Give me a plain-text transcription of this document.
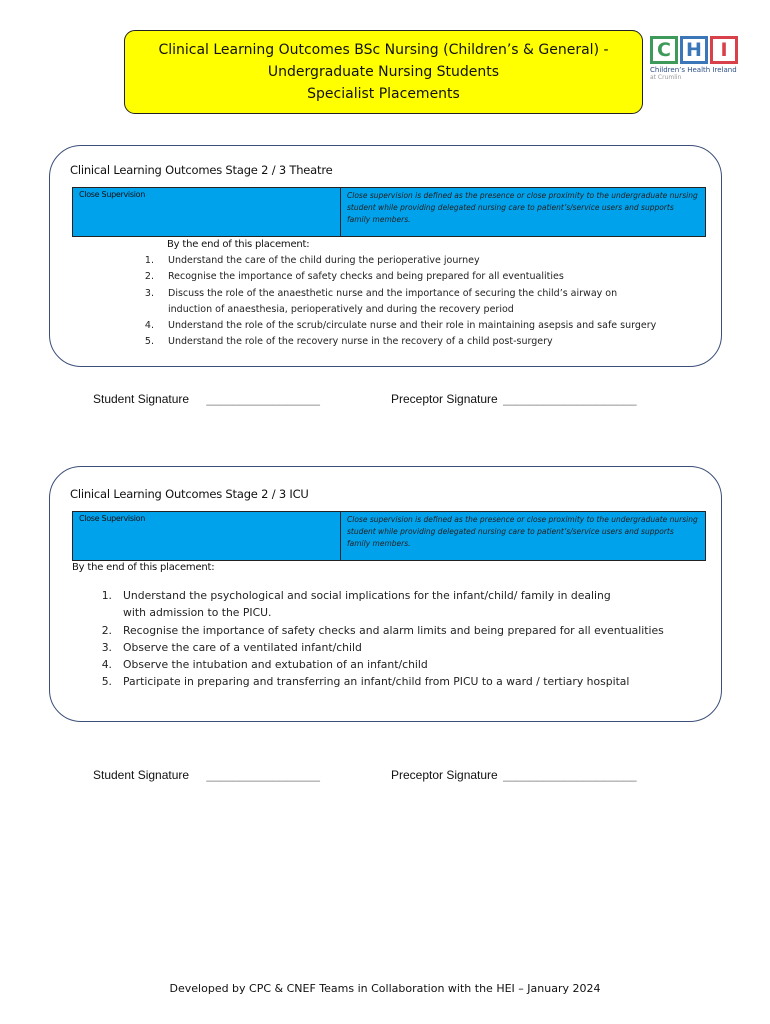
Clinical Learning Outcomes BSc Nursing (Children’s & General) -
Undergraduate Nursing Students
Specialist Placements
C H I
Children’s Health Ireland
at Crumlin
Clinical Learning Outcomes Stage 2 / 3 Theatre
Close Supervision	Close supervision is defined as the presence or close proximity to the undergraduate nursing student while providing delegated nursing care to patient’s/service users and supports family members.
By the end of this placement:
1. Understand the care of the child during the perioperative journey
2. Recognise the importance of safety checks and being prepared for all eventualities
3. Discuss the role of the anaesthetic nurse and the importance of securing the child’s airway on
induction of anaesthesia, perioperatively and during the recovery period
4. Understand the role of the scrub/circulate nurse and their role in maintaining asepsis and safe surgery
5. Understand the role of the recovery nurse in the recovery of a child post-surgery
Student Signature _________________	Preceptor Signature ____________________
Clinical Learning Outcomes Stage 2 / 3 ICU
Close Supervision	Close supervision is defined as the presence or close proximity to the undergraduate nursing student while providing delegated nursing care to patient’s/service users and supports family members.
By the end of this placement:
1. Understand the psychological and social implications for the infant/child/ family in dealing
with admission to the PICU.
2. Recognise the importance of safety checks and alarm limits and being prepared for all eventualities
3. Observe the care of a ventilated infant/child
4. Observe the intubation and extubation of an infant/child
5. Participate in preparing and transferring an infant/child from PICU to a ward / tertiary hospital
Student Signature _________________	Preceptor Signature ____________________
Developed by CPC & CNEF Teams in Collaboration with the HEI – January 2024
